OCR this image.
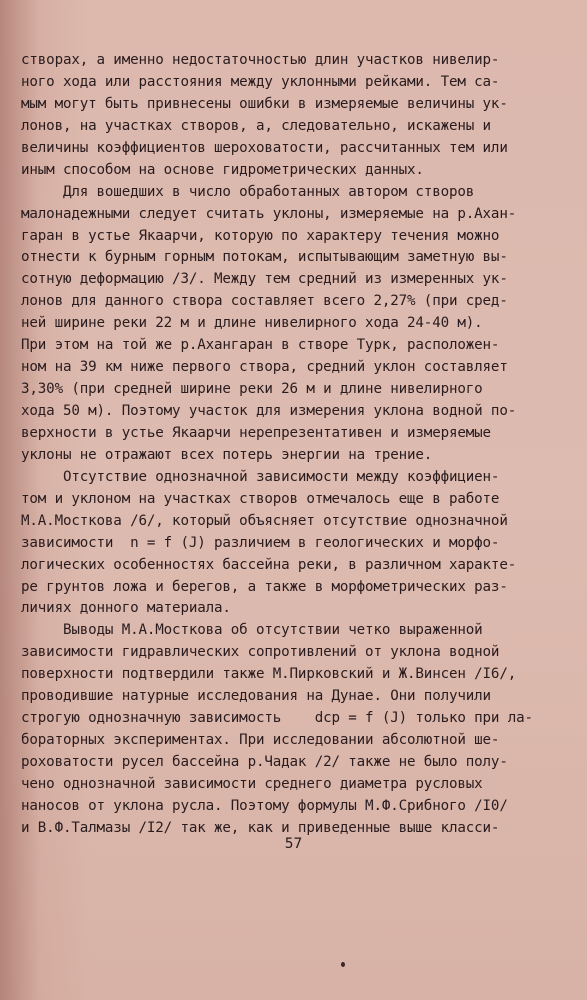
створах, а именно недостаточностью длин участков нивелир-
ного хода или расстояния между уклонными рейками. Тем са-
мым могут быть привнесены ошибки в измеряемые величины ук-
лонов, на участках створов, а, следовательно, искажены и
величины коэффициентов шероховатости, рассчитанных тем или
иным способом на основе гидрометрических данных.
Для вошедших в число обработанных автором створов
малонадежными следует считать уклоны, измеряемые на р.Ахан-
гаран в устье Якаарчи, которую по характеру течения можно
отнести к бурным горным потокам, испытывающим заметную вы-
сотную деформацию /3/. Между тем средний из измеренных ук-
лонов для данного створа составляет всего 2,27% (при сред-
ней ширине реки 22 м и длине нивелирного хода 24-40 м).
При этом на той же р.Ахангаран в створе Турк, расположен-
ном на 39 км ниже первого створа, средний уклон составляет
3,30% (при средней ширине реки 26 м и длине нивелирного
хода 50 м). Поэтому участок для измерения уклона водной по-
верхности в устье Якаарчи нерепрезентативен и измеряемые
уклоны не отражают всех потерь энергии на трение.
Отсутствие однозначной зависимости между коэффициен-
том и уклоном на участках створов отмечалось еще в работе
М.А.Мосткова /6/, который объясняет отсутствие однозначной
зависимости  n = f (J) различием в геологических и морфо-
логических особенностях бассейна реки, в различном характе-
ре грунтов ложа и берегов, а также в морфометрических раз-
личиях донного материала.
Выводы М.А.Мосткова об отсутствии четко выраженной
зависимости гидравлических сопротивлений от уклона водной
поверхности подтвердили также М.Пирковский и Ж.Винсен /I6/,
проводившие натурные исследования на Дунае. Они получили
строгую однозначную зависимость    dср = f (J) только при ла-
бораторных экспериментах. При исследовании абсолютной ше-
роховатости русел бассейна р.Чадак /2/ также не было полу-
чено однозначной зависимости среднего диаметра русловых
наносов от уклона русла. Поэтому формулы М.Ф.Срибного /I0/
и В.Ф.Талмазы /I2/ так же, как и приведенные выше класси-
57
